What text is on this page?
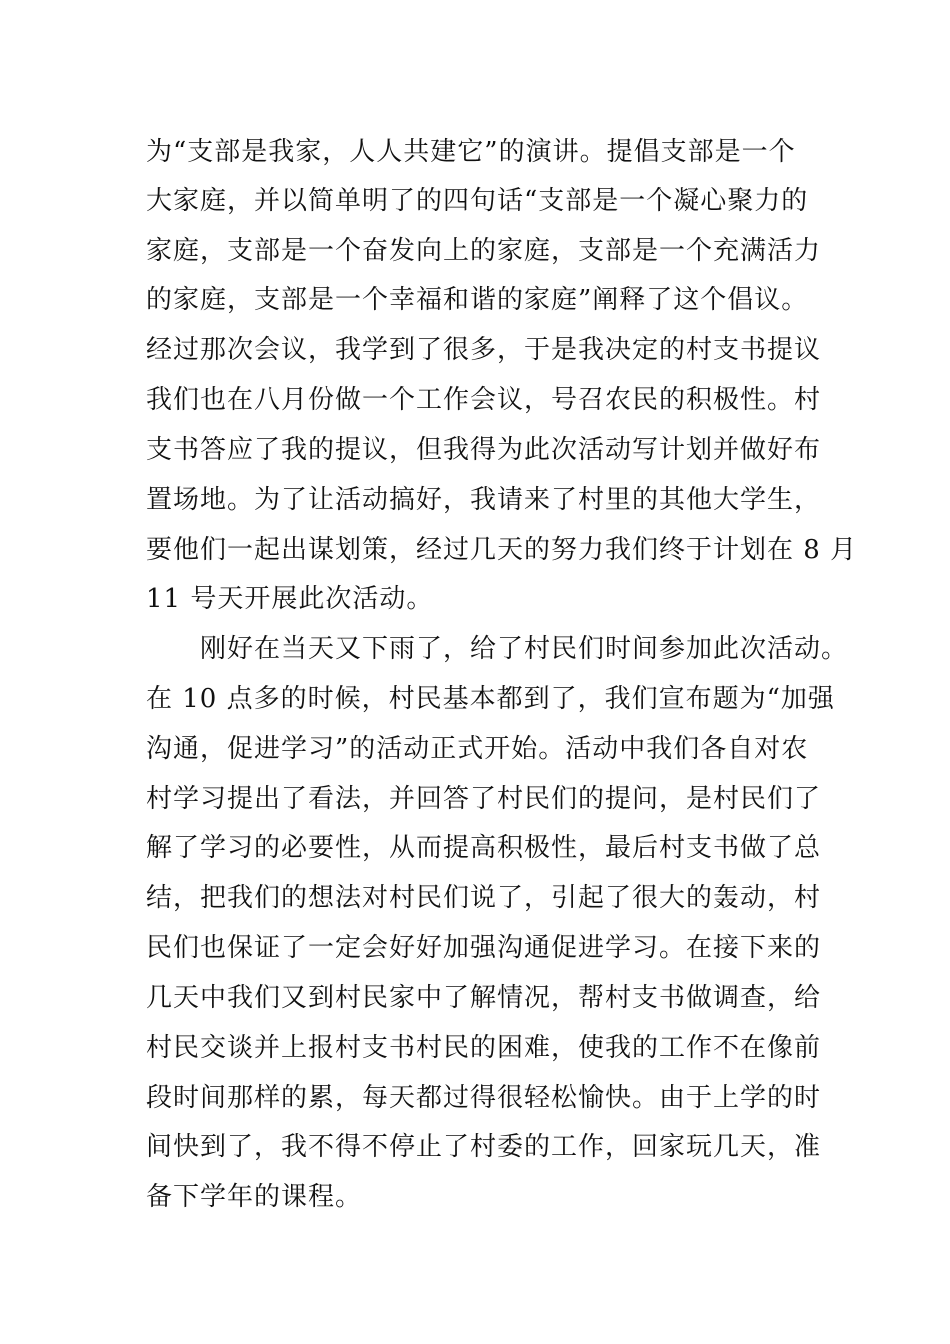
为“支部是我家，人人共建它”的演讲。提倡支部是一个
大家庭，并以简单明了的四句话“支部是一个凝心聚力的
家庭，支部是一个奋发向上的家庭，支部是一个充满活力
的家庭，支部是一个幸福和谐的家庭”阐释了这个倡议。
经过那次会议，我学到了很多，于是我决定的村支书提议
我们也在八月份做一个工作会议，号召农民的积极性。村
支书答应了我的提议，但我得为此次活动写计划并做好布
置场地。为了让活动搞好，我请来了村里的其他大学生，
要他们一起出谋划策，经过几天的努力我们终于计划在 8 月
11 号天开展此次活动。
刚好在当天又下雨了，给了村民们时间参加此次活动。
在 10 点多的时候，村民基本都到了，我们宣布题为“加强
沟通，促进学习”的活动正式开始。活动中我们各自对农
村学习提出了看法，并回答了村民们的提问，是村民们了
解了学习的必要性，从而提高积极性，最后村支书做了总
结，把我们的想法对村民们说了，引起了很大的轰动，村
民们也保证了一定会好好加强沟通促进学习。在接下来的
几天中我们又到村民家中了解情况，帮村支书做调查，给
村民交谈并上报村支书村民的困难，使我的工作不在像前
段时间那样的累，每天都过得很轻松愉快。由于上学的时
间快到了，我不得不停止了村委的工作，回家玩几天，准
备下学年的课程。
